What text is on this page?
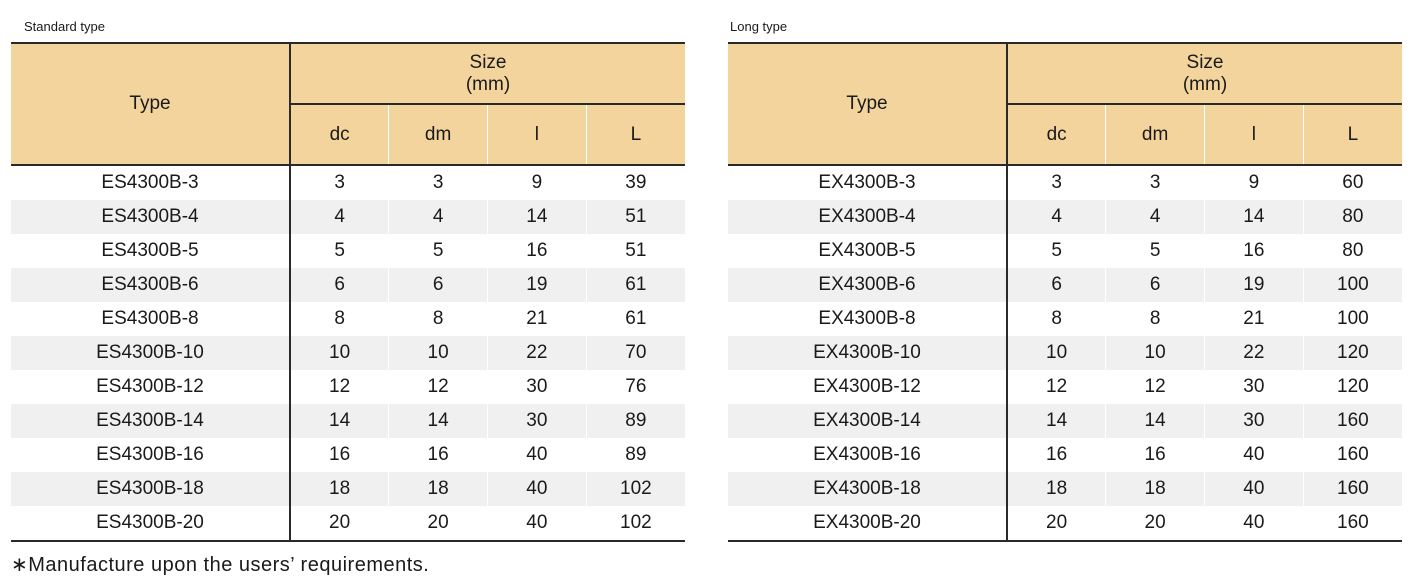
Standard type
Type	Size
(mm)			

	dc	dm	l	L
ES4300B-3	3	3	9	39
ES4300B-4	4	4	14	51
ES4300B-5	5	5	16	51
ES4300B-6	6	6	19	61
ES4300B-8	8	8	21	61
ES4300B-10	10	10	22	70
ES4300B-12	12	12	30	76
ES4300B-14	14	14	30	89
ES4300B-16	16	16	40	89
ES4300B-18	18	18	40	102
ES4300B-20	20	20	40	102
Long type
Type	Size
(mm)			

	dc	dm	l	L
EX4300B-3	3	3	9	60
EX4300B-4	4	4	14	80
EX4300B-5	5	5	16	80
EX4300B-6	6	6	19	100
EX4300B-8	8	8	21	100
EX4300B-10	10	10	22	120
EX4300B-12	12	12	30	120
EX4300B-14	14	14	30	160
EX4300B-16	16	16	40	160
EX4300B-18	18	18	40	160
EX4300B-20	20	20	40	160
∗Manufacture upon the users’ requirements.
